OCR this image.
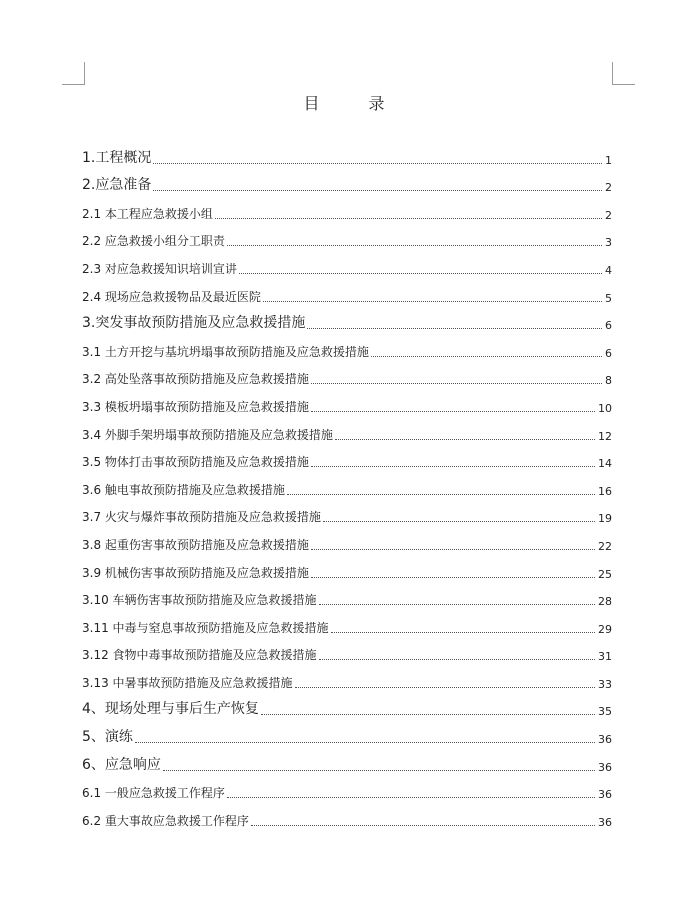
目 录
1.工程概况	1
2.应急准备	2
2.1 本工程应急救援小组	2
2.2 应急救援小组分工职责	3
2.3 对应急救援知识培训宣讲	4
2.4 现场应急救援物品及最近医院	5
3.突发事故预防措施及应急救援措施	6
3.1 土方开挖与基坑坍塌事故预防措施及应急救援措施	6
3.2 高处坠落事故预防措施及应急救援措施	8
3.3 模板坍塌事故预防措施及应急救援措施	10
3.4 外脚手架坍塌事故预防措施及应急救援措施	12
3.5 物体打击事故预防措施及应急救援措施	14
3.6 触电事故预防措施及应急救援措施	16
3.7 火灾与爆炸事故预防措施及应急救援措施	19
3.8 起重伤害事故预防措施及应急救援措施	22
3.9 机械伤害事故预防措施及应急救援措施	25
3.10 车辆伤害事故预防措施及应急救援措施	28
3.11 中毒与窒息事故预防措施及应急救援措施	29
3.12 食物中毒事故预防措施及应急救援措施	31
3.13 中暑事故预防措施及应急救援措施	33
4、现场处理与事后生产恢复	35
5、演练	36
6、应急响应	36
6.1 一般应急救援工作程序	36
6.2 重大事故应急救援工作程序	36
